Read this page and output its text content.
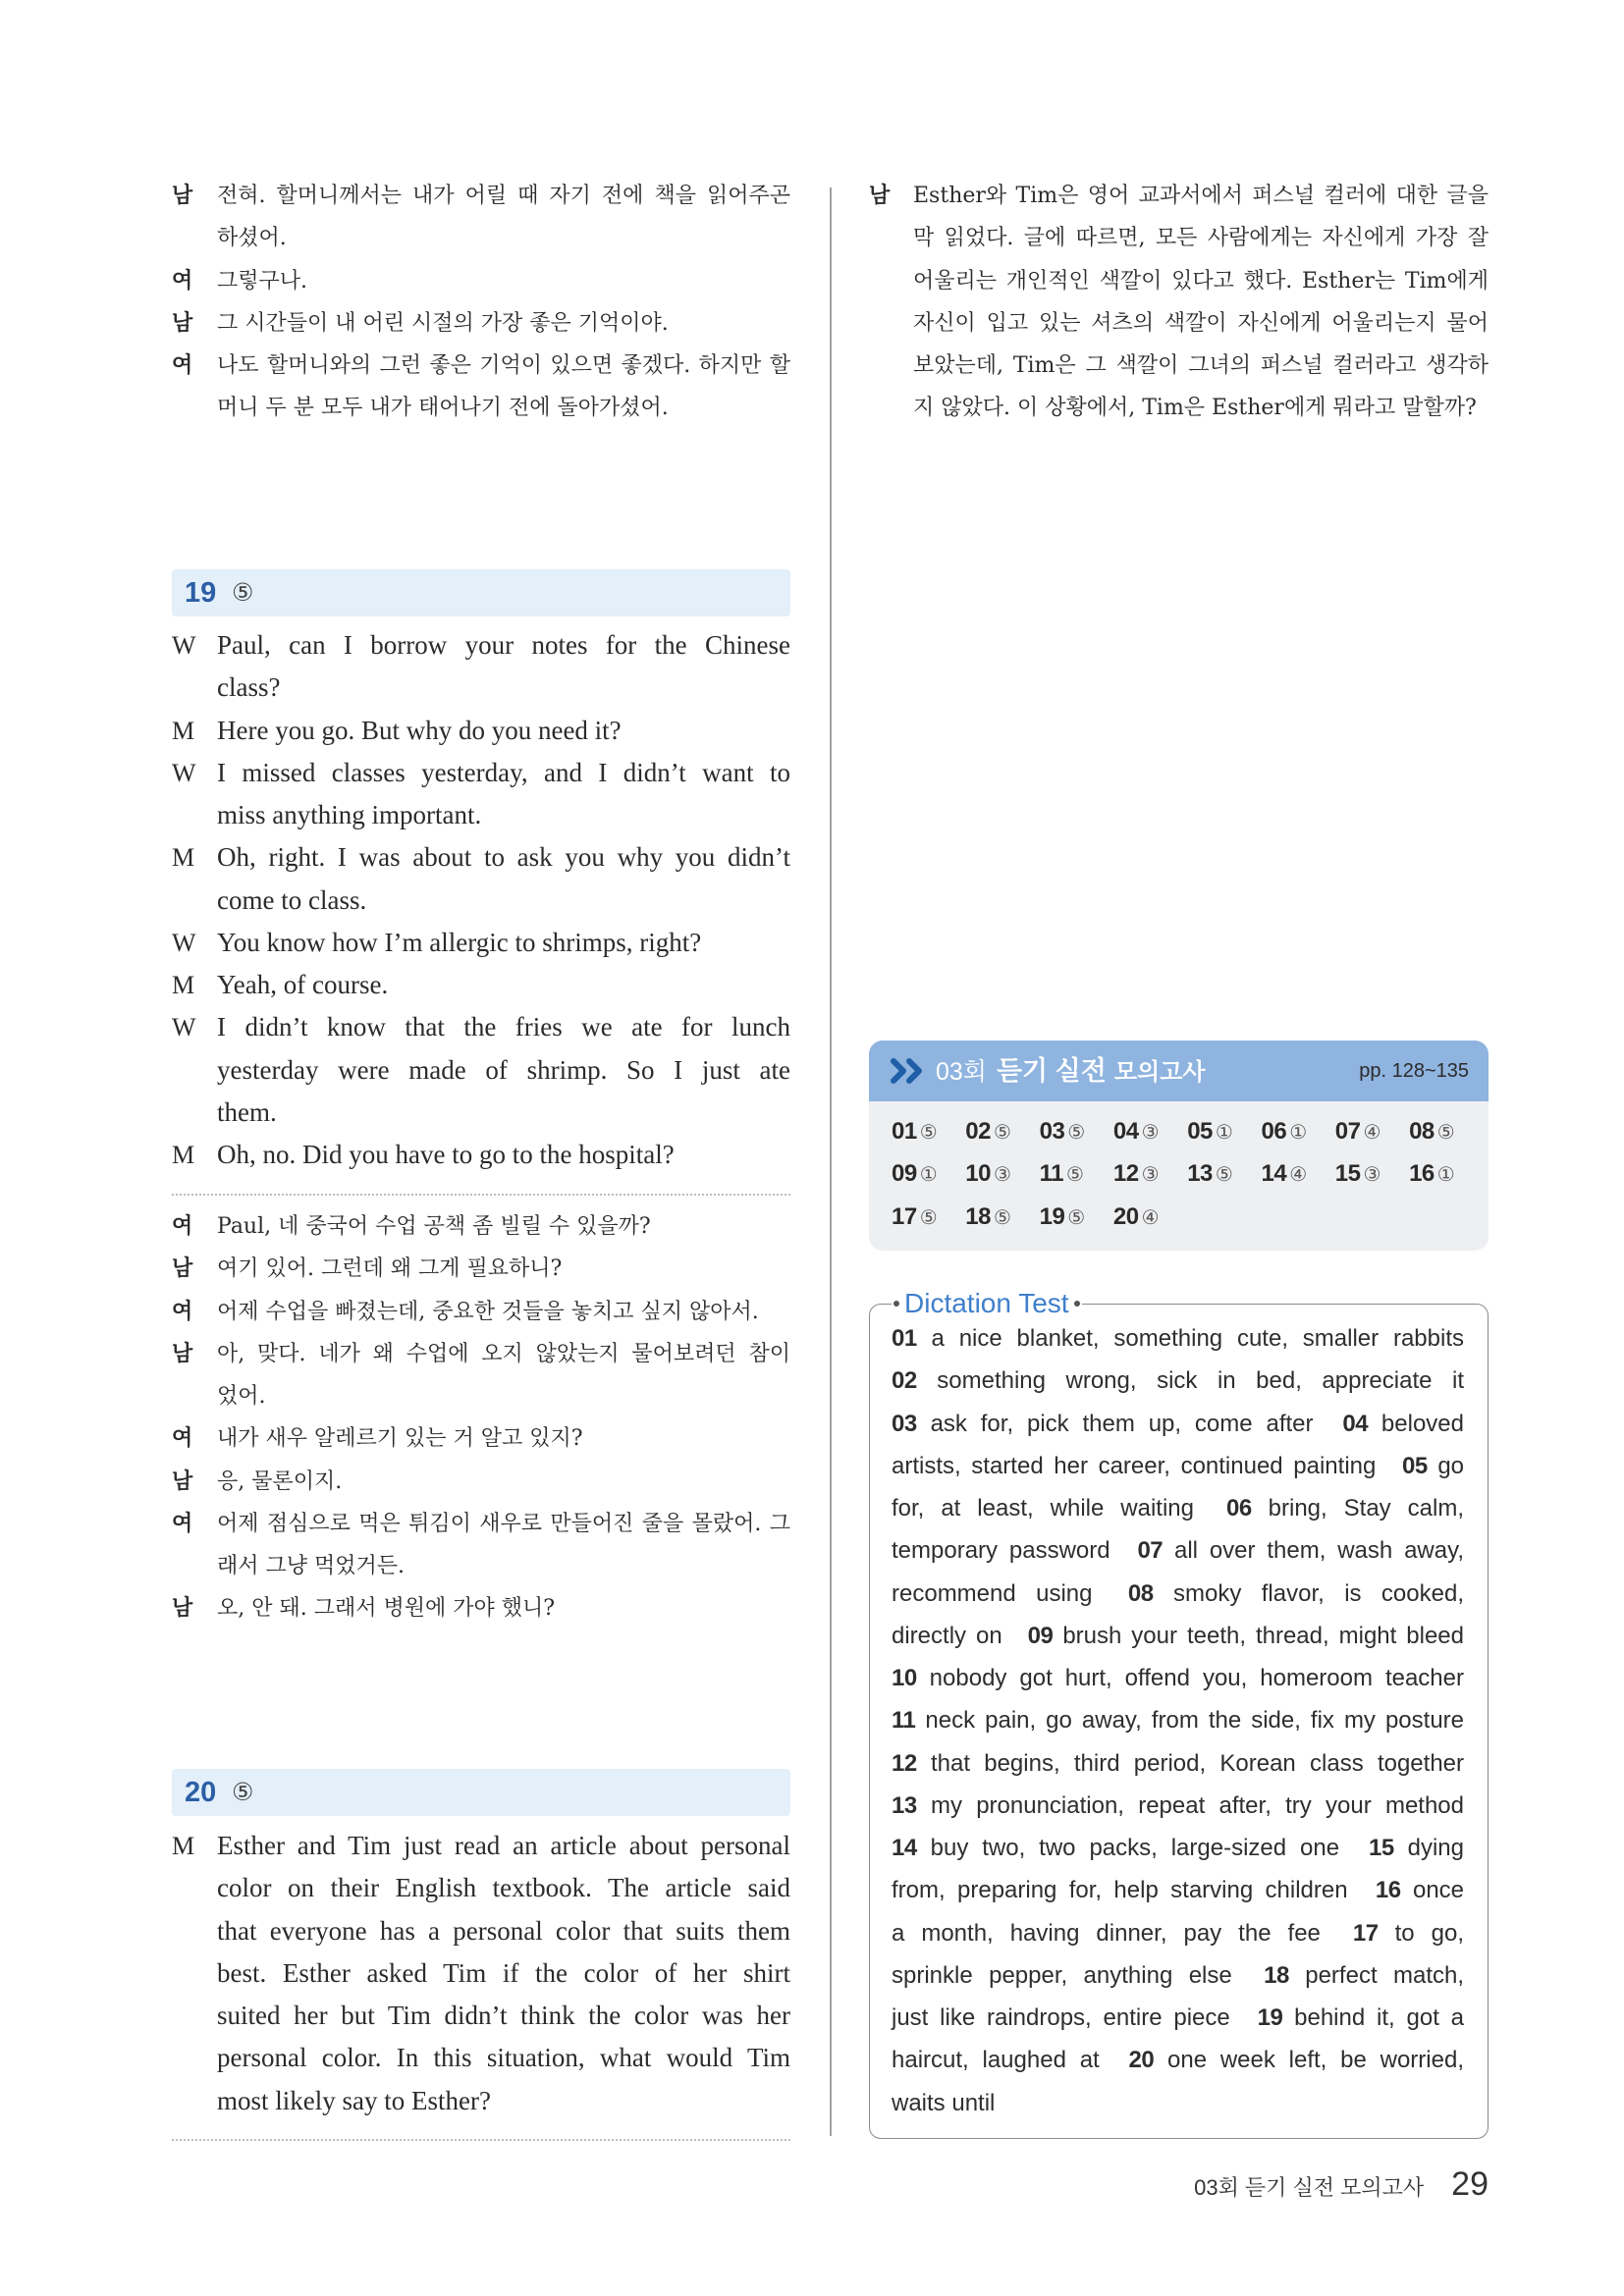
남	전혀. 할머니께서는 내가 어릴 때 자기 전에 책을 읽어주곤
하셨어.
여	그렇구나.
남	그 시간들이 내 어린 시절의 가장 좋은 기억이야.
여	나도 할머니와의 그런 좋은 기억이 있으면 좋겠다. 하지만 할
머니 두 분 모두 내가 태어나기 전에 돌아가셨어.
19 ⑤
W Paul, can I borrow your notes for the Chinese
class?
M Here you go. But why do you need it?
W I missed classes yesterday, and I didn’t want to
miss anything important.
M Oh, right. I was about to ask you why you didn’t
come to class.
W You know how I’m allergic to shrimps, right?
M Yeah, of course.
W I didn’t know that the fries we ate for lunch
yesterday were made of shrimp. So I just ate
them.
M Oh, no. Did you have to go to the hospital?
여	Paul, 네 중국어 수업 공책 좀 빌릴 수 있을까?
남	여기 있어. 그런데 왜 그게 필요하니?
여	어제 수업을 빠졌는데, 중요한 것들을 놓치고 싶지 않아서.
남	아, 맞다. 네가 왜 수업에 오지 않았는지 물어보려던 참이
었어.
여	내가 새우 알레르기 있는 거 알고 있지?
남	응, 물론이지.
여	어제 점심으로 먹은 튀김이 새우로 만들어진 줄을 몰랐어. 그
래서 그냥 먹었거든.
남	오, 안 돼. 그래서 병원에 가야 했니?
20 ⑤
M Esther and Tim just read an article about personal
color on their English textbook. The article said
that everyone has a personal color that suits them
best. Esther asked Tim if the color of her shirt
suited her but Tim didn’t think the color was her
personal color. In this situation, what would Tim
most likely say to Esther?
남	Esther와 Tim은 영어 교과서에서 퍼스널 컬러에 대한 글을
막 읽었다. 글에 따르면, 모든 사람에게는 자신에게 가장 잘
어울리는 개인적인 색깔이 있다고 했다. Esther는 Tim에게
자신이 입고 있는 셔츠의 색깔이 자신에게 어울리는지 물어
보았는데, Tim은 그 색깔이 그녀의 퍼스널 컬러라고 생각하
지 않았다. 이 상황에서, Tim은 Esther에게 뭐라고 말할까?
03회 듣기 실전 모의고사	pp. 128~135
01 ⑤	02 ⑤	03 ⑤	04 ③	05 ①	06 ①	07 ④	08 ⑤
09 ①	10 ③	11 ⑤	12 ③	13 ⑤	14 ④	15 ③	16 ①
17 ⑤	18 ⑤	19 ⑤	20 ④
Dictation Test
01 a nice blanket, something cute, smaller rabbits
02 something wrong, sick in bed, appreciate it
03 ask for, pick them up, come after 04 beloved
artists, started her career, continued painting 05 go
for, at least, while waiting 06 bring, Stay calm,
temporary password 07 all over them, wash away,
recommend using 08 smoky flavor, is cooked,
directly on 09 brush your teeth, thread, might bleed
10 nobody got hurt, offend you, homeroom teacher
11 neck pain, go away, from the side, fix my posture
12 that begins, third period, Korean class together
13 my pronunciation, repeat after, try your method
14 buy two, two packs, large-sized one 15 dying
from, preparing for, help starving children 16 once
a month, having dinner, pay the fee 17 to go,
sprinkle pepper, anything else 18 perfect match,
just like raindrops, entire piece 19 behind it, got a
haircut, laughed at 20 one week left, be worried,
waits until
03회 듣기 실전 모의고사 29
